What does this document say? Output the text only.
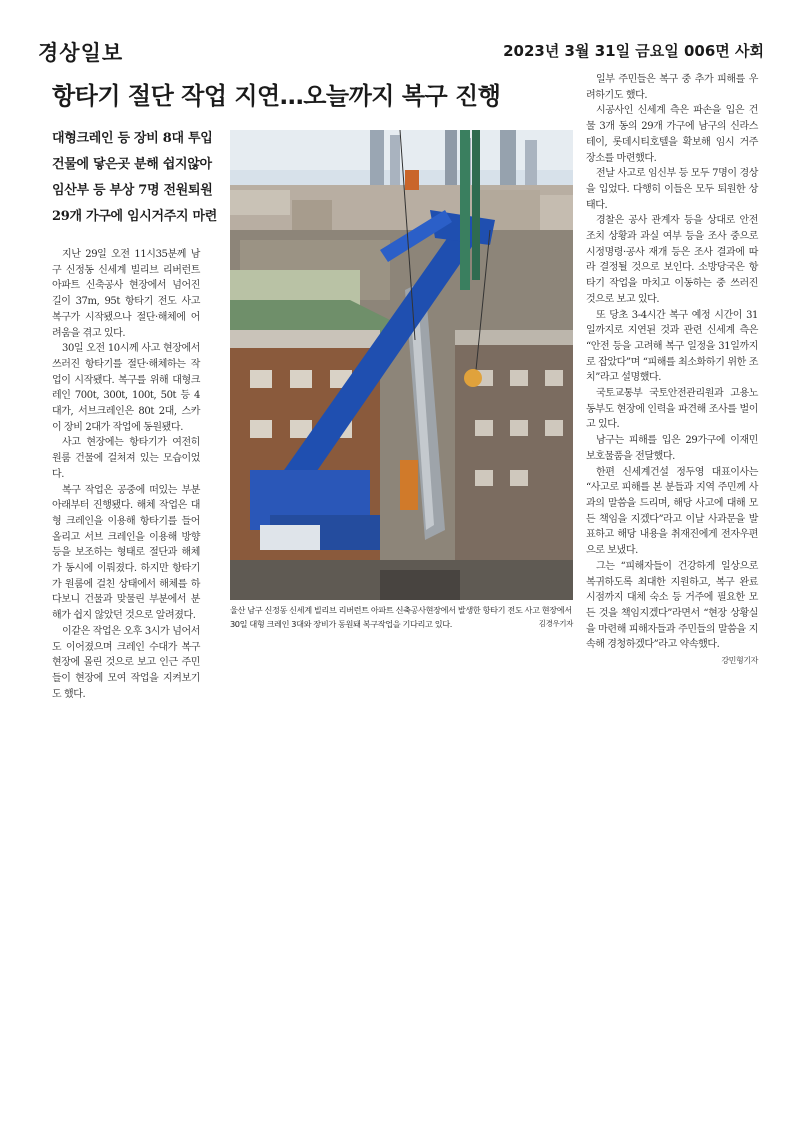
경상일보	2023년 3월 31일 금요일 006면 사회
항타기 절단 작업 지연…오늘까지 복구 진행
대형크레인 등 장비 8대 투입
건물에 닿은곳 분해 쉽지않아
임산부 등 부상 7명 전원퇴원
29개 가구에 임시거주지 마련

지난 29일 오전 11시35분께 남구 신정동 신세계 빌리브 리버런트 아파트 신축공사 현장에서 넘어진 길이 37m, 95t 항타기 전도 사고 복구가 시작됐으나 절단·해체에 어려움을 겪고 있다.

30일 오전 10시께 사고 현장에서 쓰러진 항타기를 절단·해체하는 작업이 시작됐다. 복구를 위해 대형크레인 700t, 300t, 100t, 50t 등 4대가, 서브크레인은 80t 2대, 스카이 장비 2대가 작업에 동원됐다.

사고 현장에는 항타기가 여전히 원룸 건물에 걸쳐져 있는 모습이었다.

복구 작업은 공중에 떠있는 부분 아래부터 진행됐다. 해체 작업은 대형 크레인을 이용해 항타기를 들어올리고 서브 크레인을 이용해 방향 등을 보조하는 형태로 절단과 해체가 동시에 이뤄졌다. 하지만 항타기가 원룸에 걸친 상태에서 해체를 하다보니 건물과 맞물린 부분에서 분해가 쉽지 않았던 것으로 알려졌다.

이같은 작업은 오후 3시가 넘어서도 이어졌으며 크레인 수대가 복구 현장에 몰린 것으로 보고 인근 주민들이 현장에 모여 작업을 지켜보기도 했다.

울산 남구 신정동 신세계 빌리브 리버런트 아파트 신축공사현장에서 발생한 항타기 전도 사고 현장에서 30일 대형 크레인 3대와 장비가 동원돼 복구작업을 기다리고 있다.	김경우기자

일부 주민들은 복구 중 추가 피해를 우려하기도 했다.

시공사인 신세계 측은 파손을 입은 건물 3개 동의 29개 가구에 남구의 신라스테이, 롯데시티호텔을 확보해 임시 거주 장소를 마련했다.

전날 사고로 임신부 등 모두 7명이 경상을 입었다. 다행히 이들은 모두 퇴원한 상태다.

경찰은 공사 관계자 등을 상대로 안전 조치 상황과 과실 여부 등을 조사 중으로 시정명령·공사 재개 등은 조사 결과에 따라 결정될 것으로 보인다. 소방당국은 항타기 작업을 마치고 이동하는 중 쓰러진 것으로 보고 있다.

또 당초 3-4시간 복구 예정 시간이 31일까지로 지연된 것과 관련 신세계 측은 “안전 등을 고려해 복구 일정을 31일까지로 잡았다”며 “피해를 최소화하기 위한 조치”라고 설명했다.

국토교통부 국토안전관리원과 고용노동부도 현장에 인력을 파견해 조사를 벌이고 있다.

남구는 피해를 입은 29가구에 이재민 보호물품을 전달했다.

한편 신세계건설 정두영 대표이사는 “사고로 피해를 본 분들과 지역 주민께 사과의 말씀을 드리며, 해당 사고에 대해 모든 책임을 지겠다”라고 이날 사과문을 발표하고 해당 내용을 취재진에게 전자우편으로 보냈다.

그는 “피해자들이 건강하게 일상으로 복귀하도록 최대한 지원하고, 복구 완료 시점까지 대체 숙소 등 거주에 필요한 모든 것을 책임지겠다”라면서 “현장 상황실을 마련해 피해자들과 주민들의 말씀을 지속해 경청하겠다”라고 약속했다.
강민형기자
